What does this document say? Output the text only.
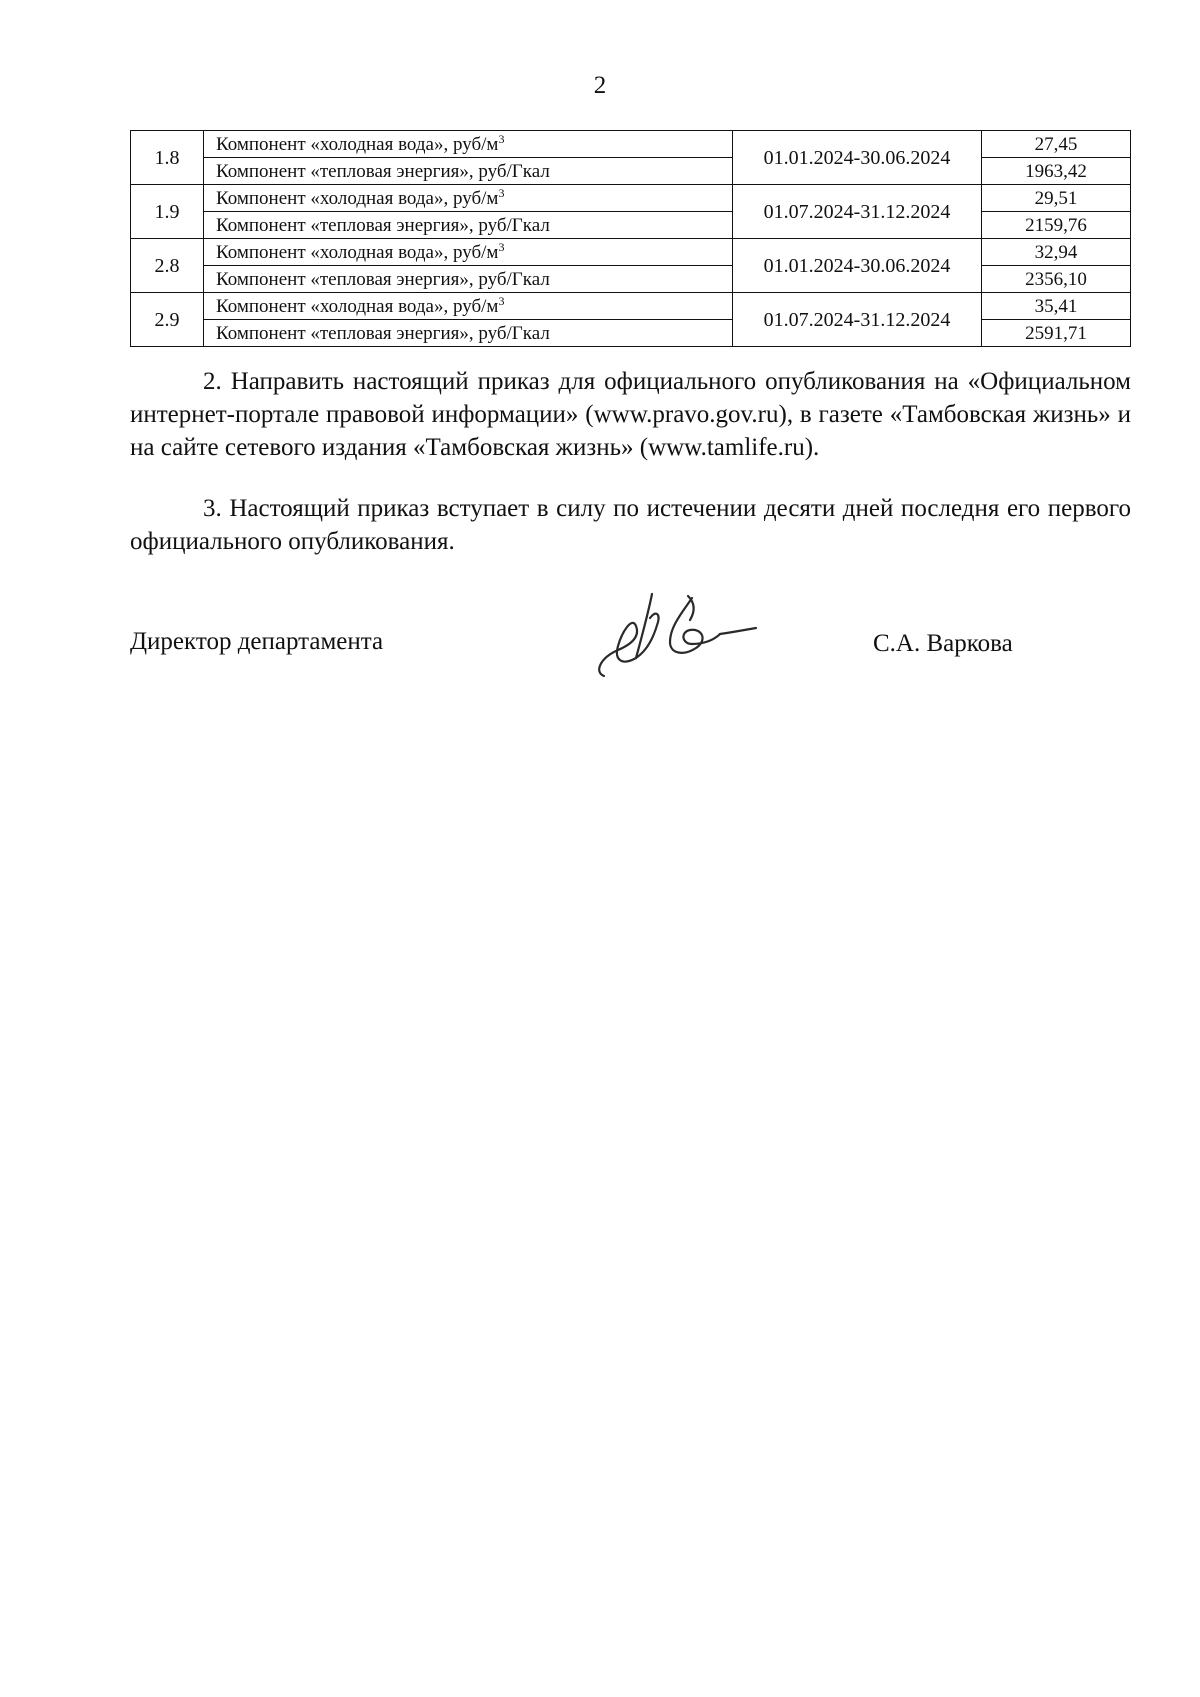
2
1.8	Компонент «холодная вода», руб/$м^3$	01.01.2024-30.06.2024	27,45
	Компонент «тепловая энергия», руб/Гкал		1963,42
1.9	Компонент «холодная вода», руб/$м^3$	01.07.2024-31.12.2024	29,51
	Компонент «тепловая энергия», руб/Гкал		2159,76
2.8	Компонент «холодная вода», руб/$м^3$	01.01.2024-30.06.2024	32,94
	Компонент «тепловая энергия», руб/Гкал		2356,10
2.9	Компонент «холодная вода», руб/$м^3$	01.07.2024-31.12.2024	35,41
	Компонент «тепловая энергия», руб/Гкал		2591,71

2. Направить настоящий приказ для официального опубликования на «Официальном интернет-портале правовой информации» (www.pravo.gov.ru), в газете «Тамбовская жизнь» и на сайте сетевого издания «Тамбовская жизнь» (www.tamlife.ru).

3. Настоящий приказ вступает в силу по истечении десяти дней последня его первого официального опубликования.

Директор департамента	С.А. Варкова
